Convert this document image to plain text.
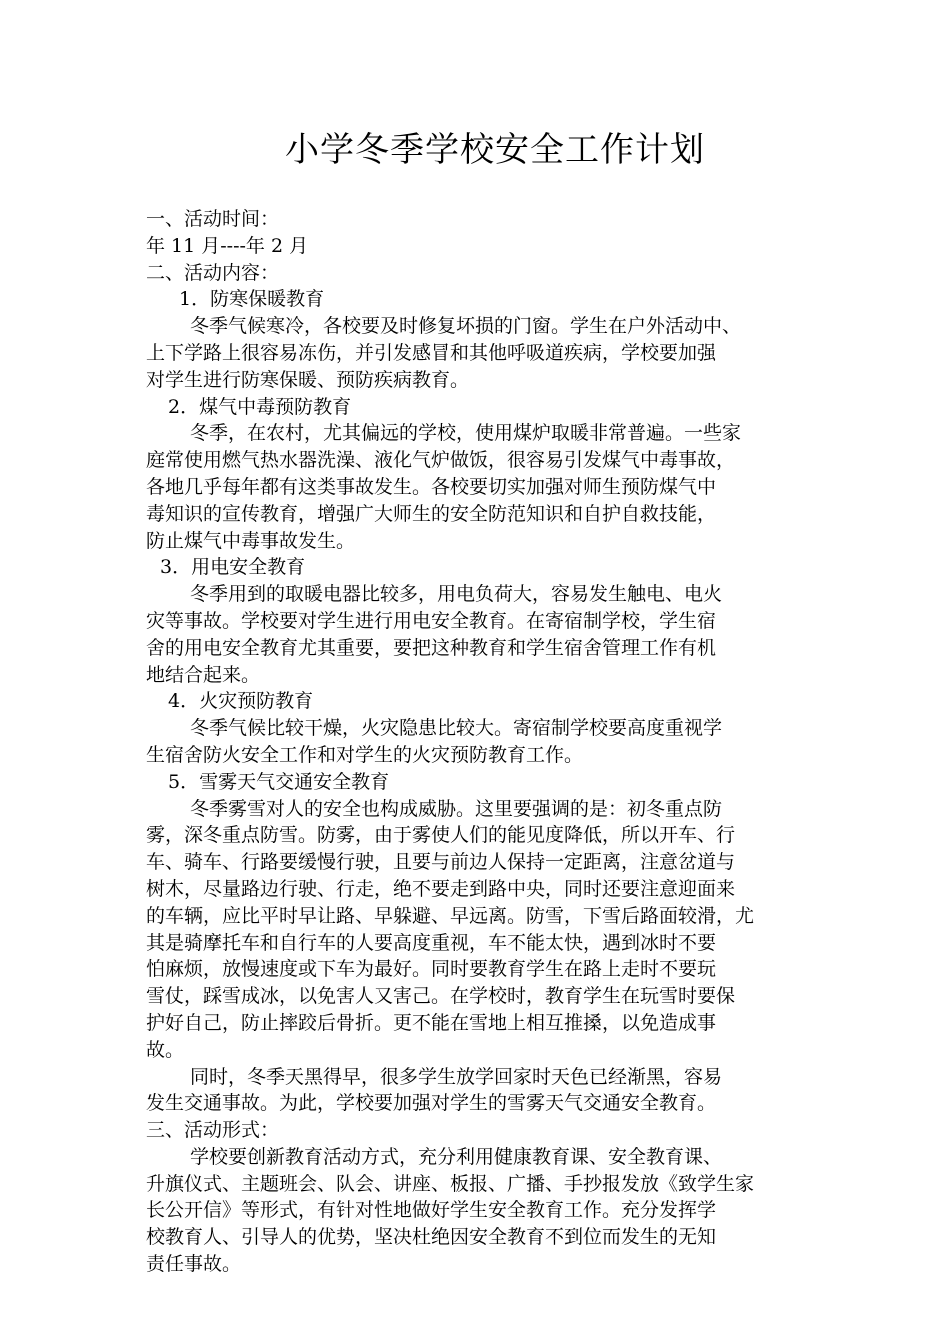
小学冬季学校安全工作计划
一、活动时间：
年 11 月----年 2 月
二、活动内容：
1．防寒保暖教育
冬季气候寒冷，各校要及时修复坏损的门窗。学生在户外活动中、
上下学路上很容易冻伤，并引发感冒和其他呼吸道疾病，学校要加强
对学生进行防寒保暖、预防疾病教育。
2．煤气中毒预防教育
冬季，在农村，尤其偏远的学校，使用煤炉取暖非常普遍。一些家
庭常使用燃气热水器洗澡、液化气炉做饭，很容易引发煤气中毒事故，
各地几乎每年都有这类事故发生。各校要切实加强对师生预防煤气中
毒知识的宣传教育，增强广大师生的安全防范知识和自护自救技能，
防止煤气中毒事故发生。
3．用电安全教育
冬季用到的取暖电器比较多，用电负荷大，容易发生触电、电火
灾等事故。学校要对学生进行用电安全教育。在寄宿制学校，学生宿
舍的用电安全教育尤其重要，要把这种教育和学生宿舍管理工作有机
地结合起来。
4．火灾预防教育
冬季气候比较干燥，火灾隐患比较大。寄宿制学校要高度重视学
生宿舍防火安全工作和对学生的火灾预防教育工作。
5．雪雾天气交通安全教育
冬季雾雪对人的安全也构成威胁。这里要强调的是：初冬重点防
雾，深冬重点防雪。防雾，由于雾使人们的能见度降低，所以开车、行
车、骑车、行路要缓慢行驶，且要与前边人保持一定距离，注意岔道与
树木，尽量路边行驶、行走，绝不要走到路中央，同时还要注意迎面来
的车辆，应比平时早让路、早躲避、早远离。防雪，下雪后路面较滑，尤
其是骑摩托车和自行车的人要高度重视，车不能太快，遇到冰时不要
怕麻烦，放慢速度或下车为最好。同时要教育学生在路上走时不要玩
雪仗，踩雪成冰，以免害人又害己。在学校时，教育学生在玩雪时要保
护好自己，防止摔跤后骨折。更不能在雪地上相互推搡，以免造成事
故。
同时，冬季天黑得早，很多学生放学回家时天色已经渐黑，容易
发生交通事故。为此，学校要加强对学生的雪雾天气交通安全教育。
三、活动形式：
学校要创新教育活动方式，充分利用健康教育课、安全教育课、
升旗仪式、主题班会、队会、讲座、板报、广播、手抄报发放《致学生家
长公开信》等形式，有针对性地做好学生安全教育工作。充分发挥学
校教育人、引导人的优势，坚决杜绝因安全教育不到位而发生的无知
责任事故。
